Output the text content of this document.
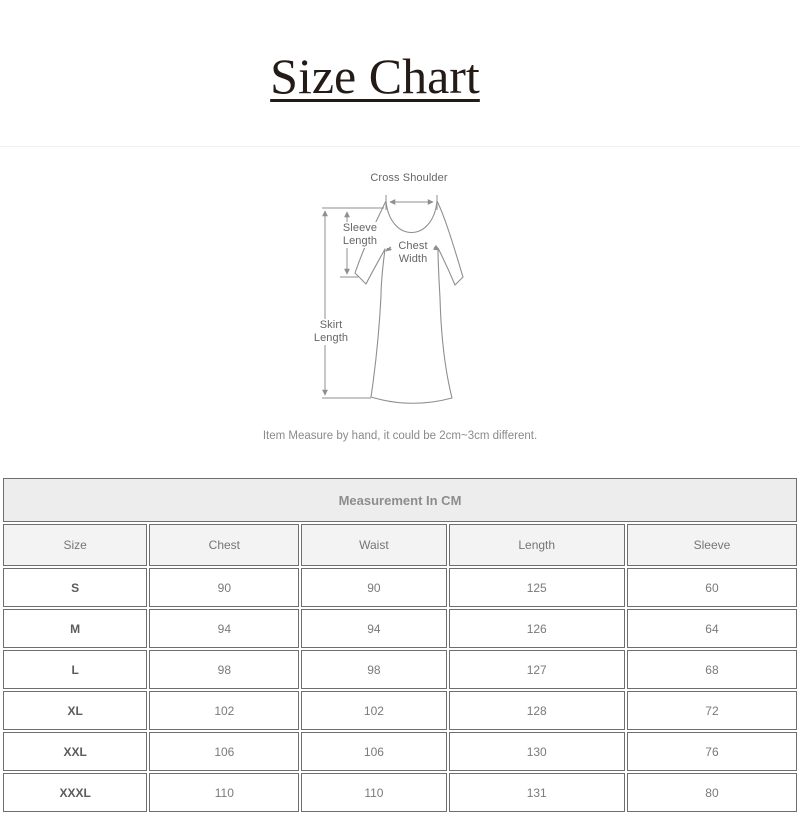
Size Chart
Cross Shoulder
Sleeve Length	Chest Width
Skirt Length
Item Measure by hand, it could be 2cm~3cm different.
Measurement In CM				
Size	Chest	Waist	Length	Sleeve
S	90	90	125	60
M	94	94	126	64
L	98	98	127	68
XL	102	102	128	72
XXL	106	106	130	76
XXXL	110	110	131	80
